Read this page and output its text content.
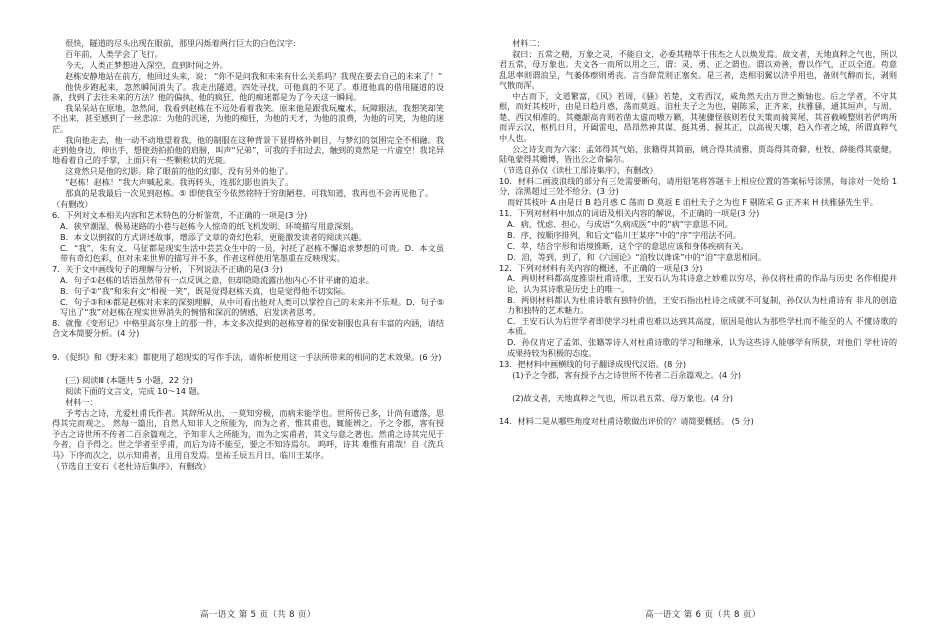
很快，隧道的尽头出现在眼前，那里闪烁着两行巨大的白色汉字:

百年前，人类学会了飞行。

今天，人类正梦想进入深空，直到时间之外。

赵栋安静地站在前方，他回过头来，说： “你不是问我和未来有什么关系吗？我现在要去自己的未来了！”

他快步跑起来，忽然瞬间消失了。我走出隧道，四处寻找，可他真的不见了。难道他真的借用隧道的设备，找到了去往未来的方法？他的偏执、他的疯狂、他的痴迷都是为了今天这一瞬间。

我呆呆站在原地，忽然间，我看到赵栋在不远处看着我笑。原来他是跟我玩魔术，玩障眼法，我想笑却笑不出来，甚至感到了一丝悲凉：为他的沉迷，为他的痴狂，为他的天才，为他的浪费，为他的可笑，为他的迷茫。

我向他走去，他一动不动地望着我，他的制服在这种背景下显得格外刺目，与梦幻的氛围完全不相融。我走到他身边，伸出手，想使劲拍拍他的肩膀，叫声“兄弟”，可我的手扣过去，触到的竟然是一片虚空！我诧异地看着自己的手掌，上面只有一些颗粒状的光斑。

这竟然只是他的幻影。除了眼前的他的幻影，没有另外的他了。

“赵栋！赵栋！”我大声喊起来。我再转头，连那幻影也消失了。

那真的是我最后一次见到赵栋。⑤ 即使我至今依然铭特于穷街陋巷，可我知道，我再也不会再见他了。

（有删改）

6．下列对文本相关内容和艺术特色的分析鉴赏，不正确的一项是(3 分)

A．狭窄潮湿、极易迷路的小巷与赵栋今人惊奇的纸飞机发明、环境描写用意深刻。

B．本文以倒叙的方式讲述故事，增添了文章的奇幻色彩，更能激发读者的阅读兴趣。

C．“我”、朱有文、马征都是现实生活中芸芸众生中的一员，衬托了赵栋不懈追求梦想的可贵。D．本文虽带有奇幻色彩，但对未来世界的描写并不多，作者这样使用笔墨重在反映现实。

7．关于文中画线句子的理解与分析，下列说法不正确的是(3 分)

A．句子①赵栋的话语虽然带有一点反讽之意，但却隐隐流露出他内心不甘平庸的追求。

B．句子②“我”和朱有文“相视一笑”，既是觉得赵栋天真，也是觉得他不切实际。

C．句子③和④都是赵栋对未来的深刻理解，从中可看出他对人类可以掌控自己的未来并不乐观。D．句子⑤写出了“我”对赵栋在现实世界消失的惋惜和深沉的情感，启发读者思考。

8．就像《变形记》中格里高尔身上的那一件，本文多次提到的赵栋穿着的保安制服也具有丰富的内涵，请结合文本简要分析。(4 分)

9．《促织》和《野未来》都使用了超现实的写作手法，请你析使用这一手法所带来的相同的艺术效果。(6 分)

(三) 阅读Ⅲ (本题共 5 小题，22 分)

阅读下面的文言文，完成 10～14 题。

材料一：

予考古之诗，尤爱杜甫氏作者。其辞所从出，一莫知穷极，而病未能学也。世所传已多，计尚有遗落，思得其完而观之。 然每一篇出，自然人知非人之所能为，而为之者，惟其甫也，辄能辨之。予之令郡，客有授予古之诗世所不传者二百余篇观之，予知非人之所能为，而为之实甫者，其文与意之著也。然甫之诗其完见于今者，自予得之。世之学者至乎甫，而后为诗不能至，要之不知诗焉尔。 呜呼，诗其 难惟有甫哉！自《洗兵马》下序而次之，以示知甫者，且用自发焉。皇祐壬辰五月日，临川王某序。

（节选自王安石《老杜诗后集序》，有删改）

高一语文 第 5 页（共 8 页）

材料二：

叙曰：五常之精，万象之灵，不能自文，必委其精萃于伟杰之人以焕发焉。故文者，天地真粹之气也，所以君五常，母万象也。夫文各一而所以用之三，谓：灵、勇、正之谓也。谓以劝善，曹以作气，正以全道。苟意乱思率则谓浪呈，气萎体瘵则勇丧。言当辞荒则正塞矣。是三者，迭相羽翼以济乎用也，备则气醇而长，剥则气散而浑。

中古而下，文道繁富，《风》若周，《骚》若楚，文若西汉，咸角然天出万世之衡轴也。后之学者，不守其根，而好其枝叶，由是日趋月惑，荡而莫返。洎杜夫子之为也，剔陈采，正齐来，扶雅骚，通其垣声，与周、楚、西汉相准的。其夔龈高肯则若凿太虚而嗷万籁，其驰骤怪骇则若仗天策而骑箕尾，其首截峻整则若俨鸣所而弄云汉，枢机日月，开阖雷电，昂昂然神其谋、挺其勇、握其正，以高视天壤，趋入作者之域，所谓真粹气中人也。

公之诗支而为六家：孟郊得其气焰，张籍得其简丽，姚合得其清雅，贾岛得其奇僻，杜牧、薛能得其豪健，陆龟蒙得其赡博，皆出公之奇偏尔。

（节选自孙仅《读杜工部诗集序》，有删改）

10．材料二画波浪线的部分有三处需要断句，请用铅笔将答题卡上相应位置的答案标号涂黑，每涂对一处给 1 分，涂黑超过三处不给分。(3 分)

而好其枝叶 A 由是日 B 趋月惑 C 荡而 D 莫返 E 洎杜夫子之为也 F 剔陈采 G 正齐来 H 扶雅骚先生乎。

11．下列对材料中加点的词语及相关内容的解说，不正确的一项是(3 分)

A．病，忧虑、担心，与成语“久病成医”中的“病”字意思不同。

B．序，按顺序排列，和后文“临川王某序”中的“序”字用法不同。

C．萃，结合字形和语境推断，这个字的意思应该和身体疾病有关。

D．洎，等到，到了，和《六国论》“洎牧以谗诛”中的“洎”字意思相同。

12．下列对材料有关内容的概述，不正确的一项是(3 分)

A．两则材料都高度推崇杜甫诗歌，王安石认为其诗意之妙难以穷尽，孙仅将杜甫的作品与历史 名作相提并论，认为其诗歌是历史上的唯一。

B．两则材料都认为杜甫诗歌有独特价值，王安石指出杜诗之成就不可复制，孙仅认为杜甫诗有 非凡的创造力和独特的艺术魅力。

C．王安石认为后世学者即使学习杜甫也难以达到其高度，原因是他认为那些学杜而不能至的人 不懂诗歌的本质。

D．孙仅肯定了孟郊、张籍等诗人对杜甫诗歌的学习和继承，认为这些诗人能够学有所获，对他们 学杜诗的成果持较为积极的态度。

13．把材料中画横线的句子翻译成现代汉语。(8 分)

(1)予之令郡，客有授予古之诗世所不传者二百余篇观之。(4 分)

(2)故文者，天地真粹之气也，所以君五常、母万象也。(4 分)

14．材料二是从哪些角度对杜甫诗歌做出评价的？请简要概括。 (5 分)

高一语文 第 6 页（共 8 页）
